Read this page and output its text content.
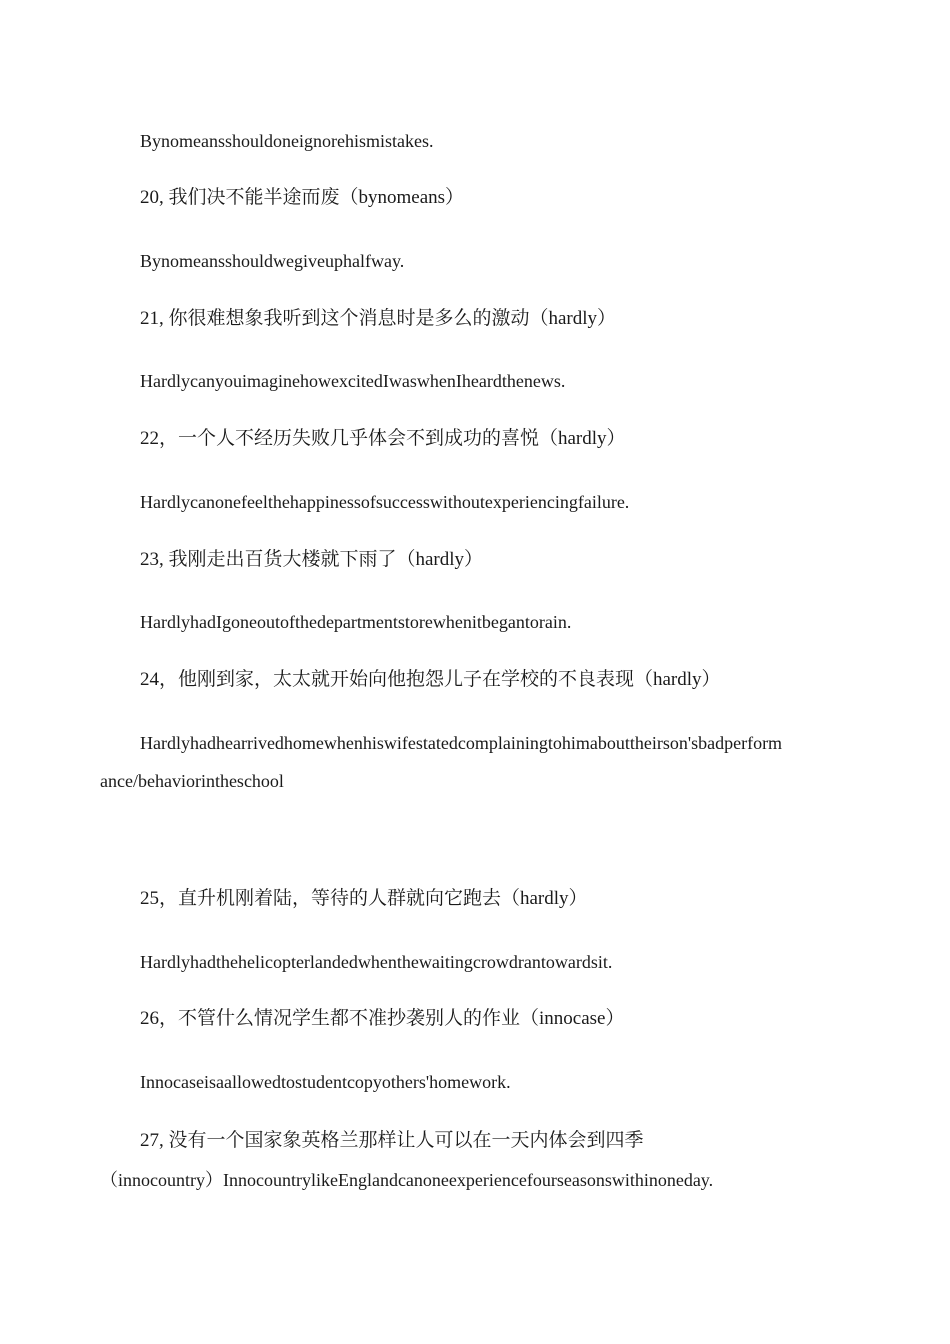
Bynomeansshouldoneignorehismistakes.
20, 我们决不能半途而废（bynomeans）
Bynomeansshouldwegiveuphalfway.
21, 你很难想象我听到这个消息时是多么的激动（hardly）
HardlycanyouimaginehowexcitedIwaswhenIheardthenews.
22，一个人不经历失败几乎体会不到成功的喜悦（hardly）
Hardlycanonefeelthehappinessofsuccesswithoutexperiencingfailure.
23, 我刚走出百货大楼就下雨了（hardly）
HardlyhadIgoneoutofthedepartmentstorewhenitbegantorain.
24，他刚到家，太太就开始向他抱怨儿子在学校的不良表现（hardly）
Hardlyhadhearrivedhomewhenhiswifestatedcomplainingtohimabouttheirson'sbadperform
ance/behaviorintheschool
25，直升机刚着陆，等待的人群就向它跑去（hardly）
Hardlyhadthehelicopterlandedwhenthewaitingcrowdrantowardsit.
26，不管什么情况学生都不准抄袭别人的作业（innocase）
Innocaseisaallowedtostudentcopyothers'homework.
27, 没有一个国家象英格兰那样让人可以在一天内体会到四季
（innocountry）InnocountrylikeEnglandcanoneexperiencefourseasonswithinoneday.
